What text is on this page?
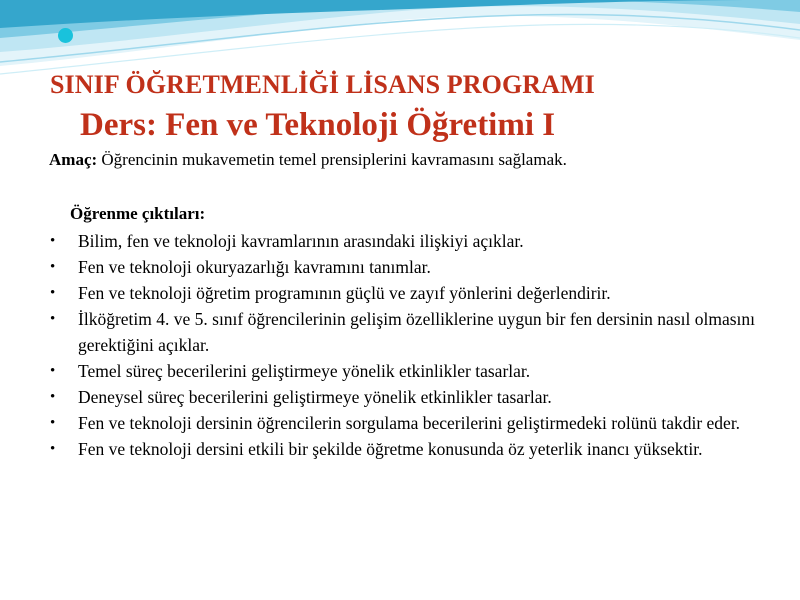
SINIF ÖĞRETMENLİĞİ LİSANS PROGRAMI
Ders: Fen ve Teknoloji Öğretimi I
Amaç: Öğrencinin mukavemetin temel prensiplerini kavramasını sağlamak.
Öğrenme çıktıları:
• Bilim, fen ve teknoloji kavramlarının arasındaki ilişkiyi açıklar.
• Fen ve teknoloji okuryazarlığı kavramını tanımlar.
• Fen ve teknoloji öğretim programının güçlü ve zayıf yönlerini değerlendirir.
• İlköğretim 4. ve 5. sınıf öğrencilerinin gelişim özelliklerine uygun bir fen dersinin nasıl olmasını gerektiğini açıklar.
• Temel süreç becerilerini geliştirmeye yönelik etkinlikler tasarlar.
• Deneysel süreç becerilerini geliştirmeye yönelik etkinlikler tasarlar.
• Fen ve teknoloji dersinin öğrencilerin sorgulama becerilerini geliştirmedeki rolünü takdir eder.
• Fen ve teknoloji dersini etkili bir şekilde öğretme konusunda öz yeterlik inancı yüksektir.
